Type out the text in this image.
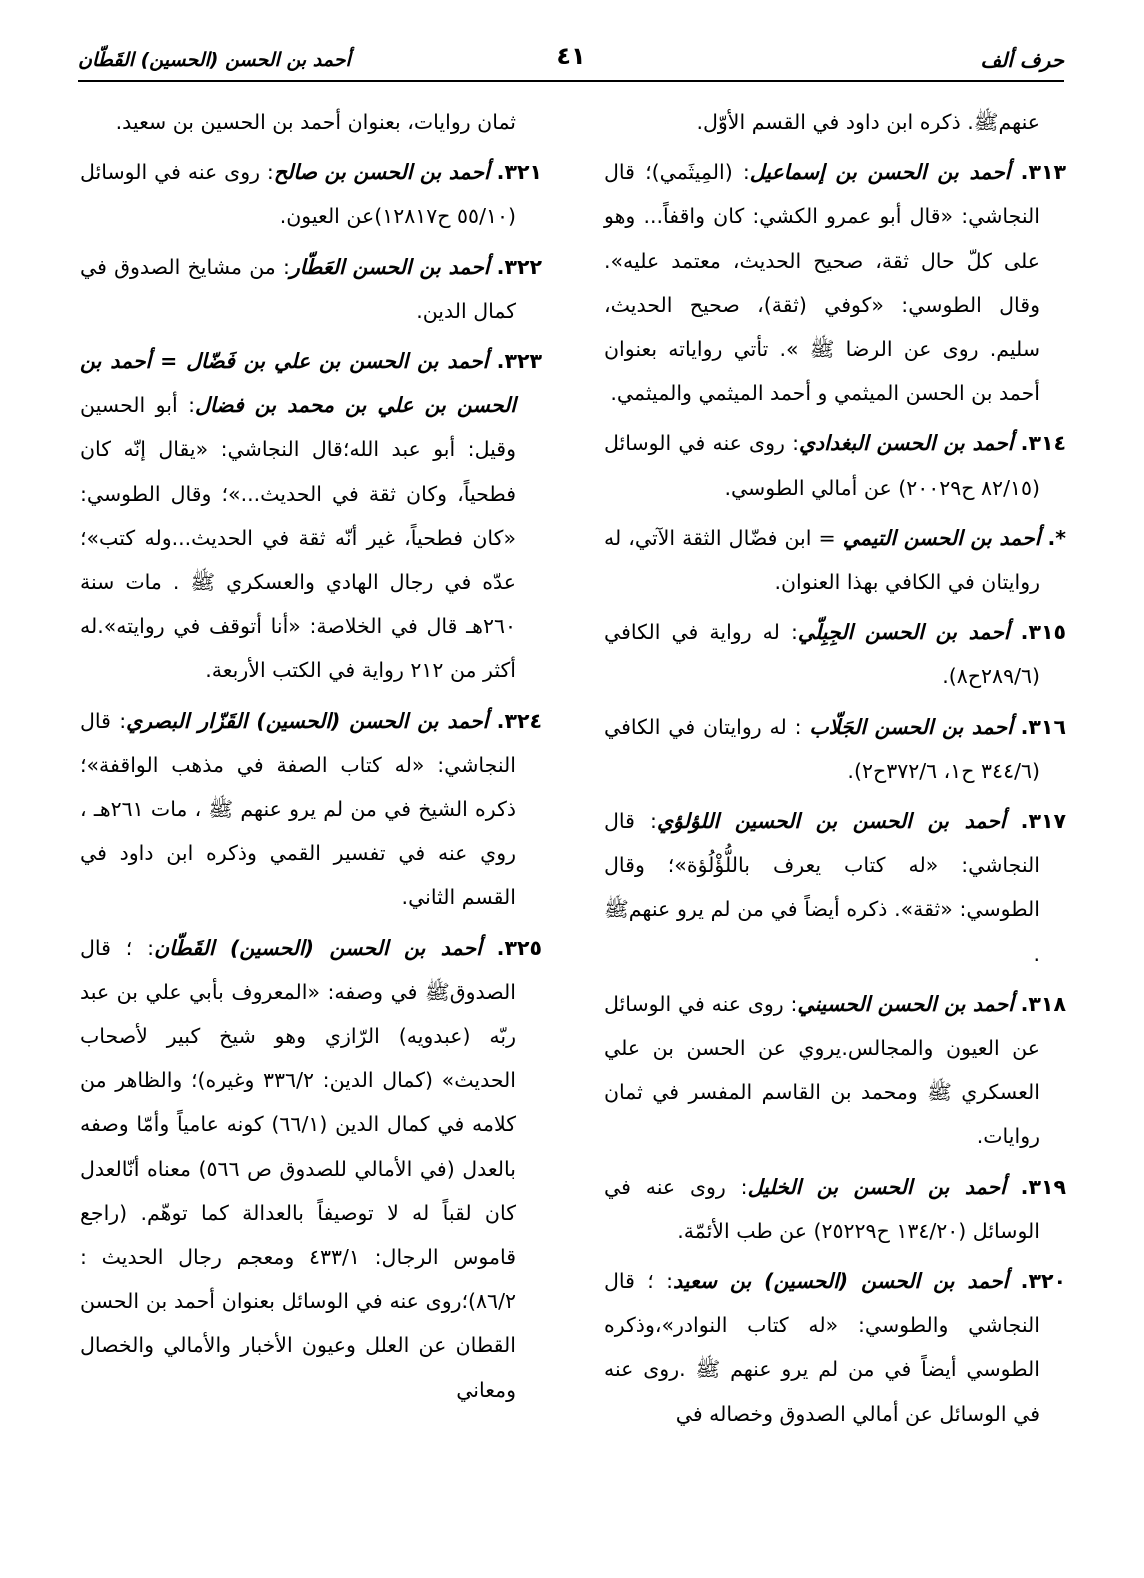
حرف ألف
٤١
أحمد بن الحسن (الحسين) القَطّان

عنهمﷺ. ذكره ابن داود في القسم الأوّل.

٣١٣. أحمد بن الحسن بن إسماعيل: (المِيثَمي)؛ قال النجاشي: «قال أبو عمرو الكشي: كان واقفاً... وهو على كلّ حال ثقة، صحيح الحديث، معتمد عليه». وقال الطوسي: «كوفي (ثقة)، صحيح الحديث، سليم. روى عن الرضا ﷺ ». تأتي رواياته بعنوان أحمد بن الحسن الميثمي و أحمد الميثمي والميثمي.

٣١٤. أحمد بن الحسن البغدادي: روى عنه في الوسائل (٨٢/١٥ ح٢٠٠٢٩) عن أمالي الطوسي.

*. أحمد بن الحسن التيمي = ابن فضّال الثقة الآتي، له روايتان في الكافي بهذا العنوان.

٣١٥. أحمد بن الحسن الجِبِلّي: له رواية في الكافي (٢٨٩/٦ح٨).

٣١٦. أحمد بن الحسن الجَلّاب : له روايتان في الكافي (٣٤٤/٦ ح١، ٣٧٢/٦ح٢).

٣١٧. أحمد بن الحسن بن الحسين اللؤلؤي: قال النجاشي: «له كتاب يعرف باللُّؤْلُؤة»؛ وقال الطوسي: «ثقة». ذكره أيضاً في من لم يرو عنهمﷺ .

٣١٨. أحمد بن الحسن الحسيني: روى عنه في الوسائل عن العيون والمجالس.يروي عن الحسن بن علي العسكري ﷺ ومحمد بن القاسم المفسر في ثمان روايات.

٣١٩. أحمد بن الحسن بن الخليل: روى عنه في الوسائل (١٣٤/٢٠ ح٢٥٢٢٩) عن طب الأئمّة.

٣٢٠. أحمد بن الحسن (الحسين) بن سعيد: ؛ قال النجاشي والطوسي: «له كتاب النوادر»،وذكره الطوسي أيضاً في من لم يرو عنهم ﷺ .روى عنه في الوسائل عن أمالي الصدوق وخصاله في

ثمان روايات، بعنوان أحمد بن الحسين بن سعيد.

٣٢١. أحمد بن الحسن بن صالح: روى عنه في الوسائل (٥٥/١٠ ح١٢٨١٧)عن العيون.

٣٢٢. أحمد بن الحسن العَطّار: من مشايخ الصدوق في كمال الدين.

٣٢٣. أحمد بن الحسن بن علي بن فَضّال = أحمد بن الحسن بن علي بن محمد بن فضال: أبو الحسين وقيل: أبو عبد الله؛قال النجاشي: «يقال إنّه كان فطحياً، وكان ثقة في الحديث...»؛ وقال الطوسي: «كان فطحياً، غير أنّه ثقة في الحديث...وله كتب»؛ عدّه في رجال الهادي والعسكري ﷺ . مات سنة ٢٦٠هـ قال في الخلاصة: «أنا أتوقف في روايته».له أكثر من ٢١٢ رواية في الكتب الأربعة.

٣٢٤. أحمد بن الحسن (الحسين) القَزّار البصري: قال النجاشي: «له كتاب الصفة في مذهب الواقفة»؛ ذكره الشيخ في من لم يرو عنهم ﷺ ، مات ٢٦١هـ ، روي عنه في تفسير القمي وذكره ابن داود في القسم الثاني.

٣٢٥. أحمد بن الحسن (الحسين) القَطّان: ؛ قال الصدوقﷺ في وصفه: «المعروف بأبي علي بن عبد ربّه (عبدويه) الرّازي وهو شيخ كبير لأصحاب الحديث» (كمال الدين: ٣٣٦/٢ وغيره)؛ والظاهر من كلامه في كمال الدين (٦٦/١) كونه عامياً وأمّا وصفه بالعدل (في الأمالي للصدوق ص ٥٦٦) معناه أنّالعدل كان لقباً له لا توصيفاً بالعدالة كما توهّم. (راجع قاموس الرجال: ٤٣٣/١ ومعجم رجال الحديث : ٨٦/٢)؛روى عنه في الوسائل بعنوان أحمد بن الحسن القطان عن العلل وعيون الأخبار والأمالي والخصال ومعاني
